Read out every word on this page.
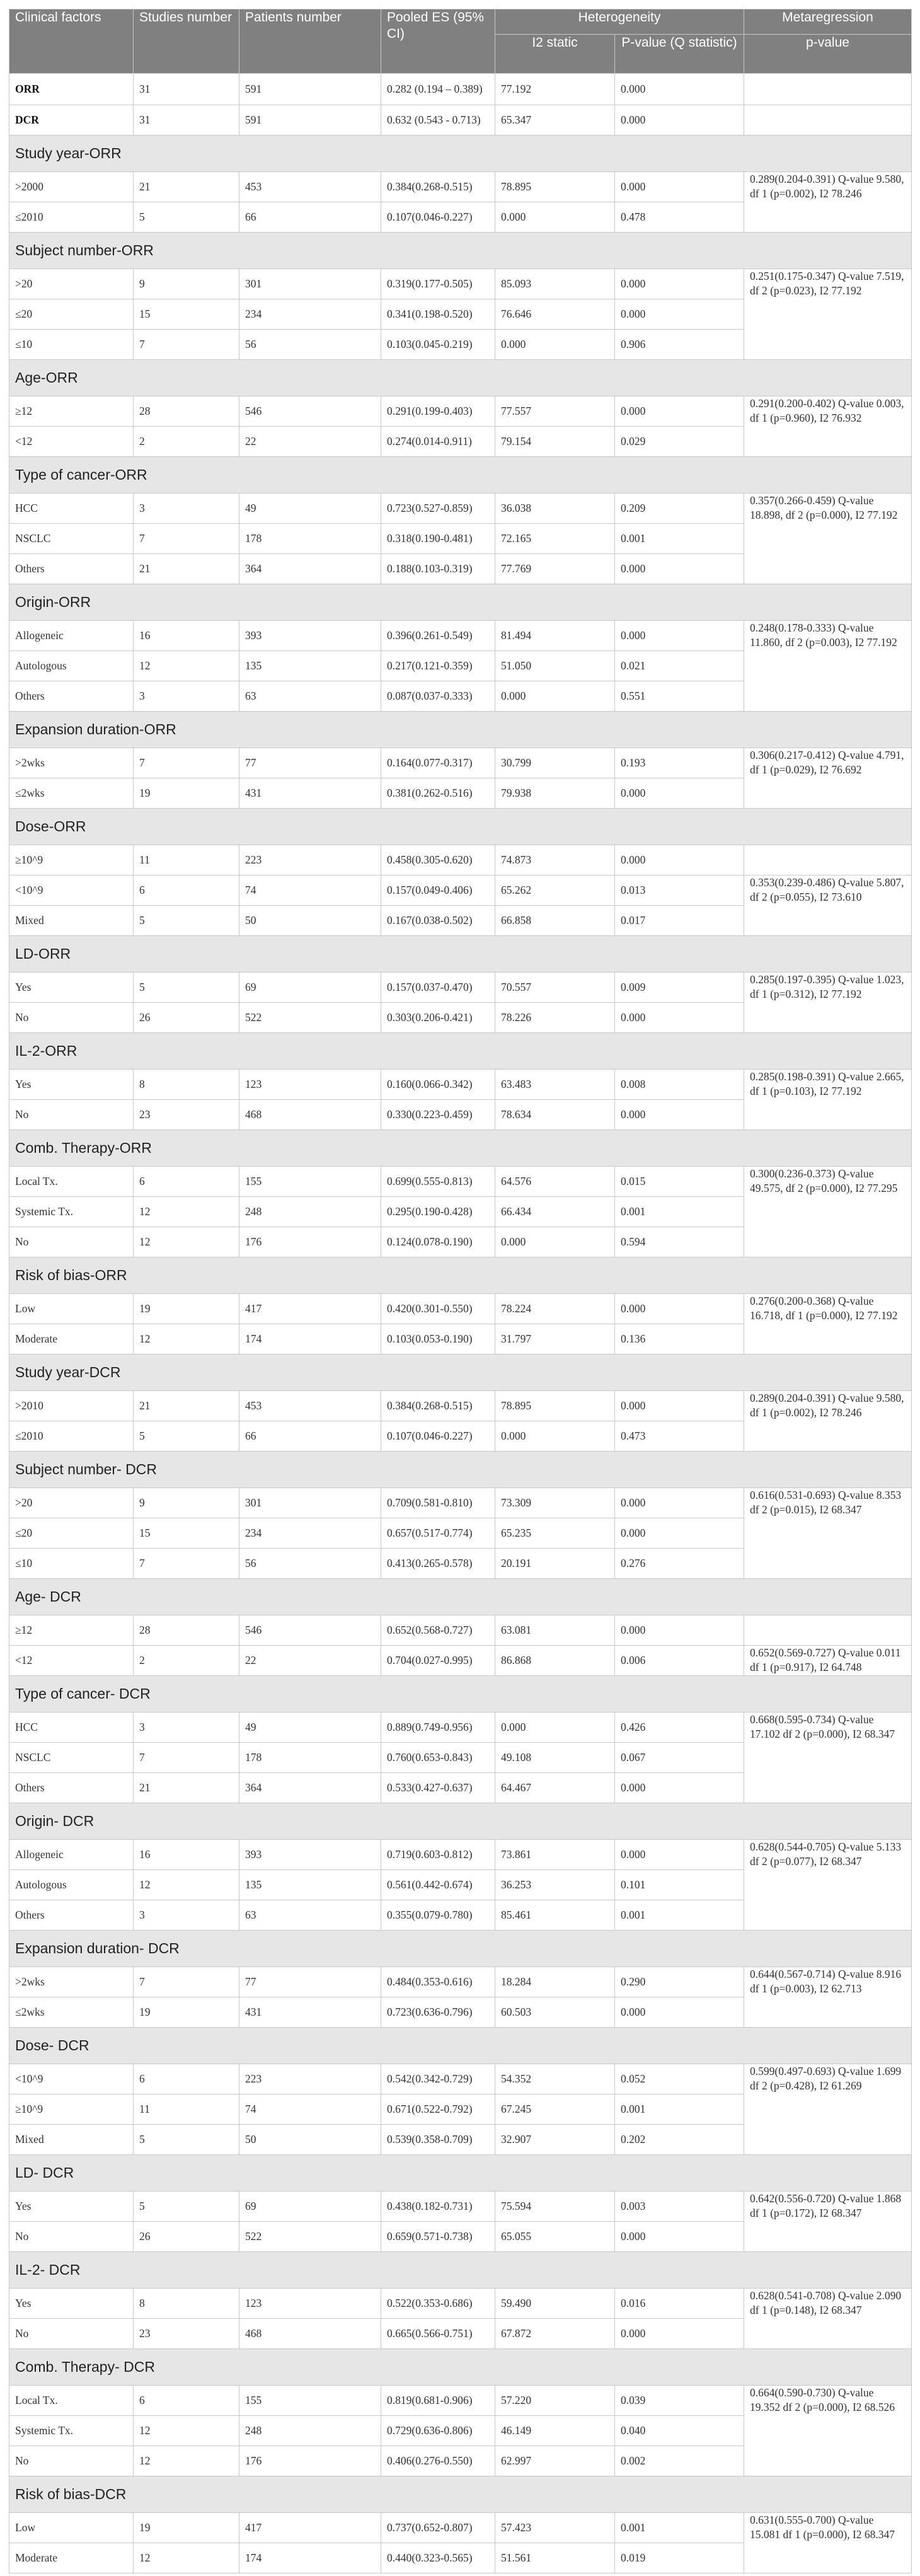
Clinical factors	Studies number	Patients number	Pooled ES (95% CI)	Heterogeneity		Metaregression
				I2 static	P-value (Q statistic)	p-value
ORR	31	591	0.282 (0.194 – 0.389)	77.192	0.000	
DCR	31	591	0.632 (0.543 - 0.713)	65.347	0.000	
Study year-ORR						
>2000	21	453	0.384(0.268-0.515)	78.895	0.000	0.289(0.204-0.391) Q-value 9.580, df 1 (p=0.002), I2 78.246
≤2010	5	66	0.107(0.046-0.227)	0.000	0.478	
Subject number-ORR						
>20	9	301	0.319(0.177-0.505)	85.093	0.000	0.251(0.175-0.347) Q-value 7.519, df 2 (p=0.023), I2 77.192
≤20	15	234	0.341(0.198-0.520)	76.646	0.000	
≤10	7	56	0.103(0.045-0.219)	0.000	0.906	
Age-ORR						
≥12	28	546	0.291(0.199-0.403)	77.557	0.000	0.291(0.200-0.402) Q-value 0.003, df 1 (p=0.960), I2 76.932
<12	2	22	0.274(0.014-0.911)	79.154	0.029	
Type of cancer-ORR						
HCC	3	49	0.723(0.527-0.859)	36.038	0.209	0.357(0.266-0.459) Q-value 18.898, df 2 (p=0.000), I2 77.192
NSCLC	7	178	0.318(0.190-0.481)	72.165	0.001	
Others	21	364	0.188(0.103-0.319)	77.769	0.000	
Origin-ORR						
Allogeneic	16	393	0.396(0.261-0.549)	81.494	0.000	0.248(0.178-0.333) Q-value 11.860, df 2 (p=0.003), I2 77.192
Autologous	12	135	0.217(0.121-0.359)	51.050	0.021	
Others	3	63	0.087(0.037-0.333)	0.000	0.551	
Expansion duration-ORR						
>2wks	7	77	0.164(0.077-0.317)	30.799	0.193	0.306(0.217-0.412) Q-value 4.791, df 1 (p=0.029), I2 76.692
≤2wks	19	431	0.381(0.262-0.516)	79.938	0.000	
Dose-ORR						
≥10^9	11	223	0.458(0.305-0.620)	74.873	0.000	
<10^9	6	74	0.157(0.049-0.406)	65.262	0.013	0.353(0.239-0.486) Q-value 5.807, df 2 (p=0.055), I2 73.610
Mixed	5	50	0.167(0.038-0.502)	66.858	0.017	
LD-ORR						
Yes	5	69	0.157(0.037-0.470)	70.557	0.009	0.285(0.197-0.395) Q-value 1.023, df 1 (p=0.312), I2 77.192
No	26	522	0.303(0.206-0.421)	78.226	0.000	
IL-2-ORR						
Yes	8	123	0.160(0.066-0.342)	63.483	0.008	0.285(0.198-0.391) Q-value 2.665, df 1 (p=0.103), I2 77.192
No	23	468	0.330(0.223-0.459)	78.634	0.000	
Comb. Therapy-ORR						
Local Tx.	6	155	0.699(0.555-0.813)	64.576	0.015	0.300(0.236-0.373) Q-value 49.575, df 2 (p=0.000), I2 77.295
Systemic Tx.	12	248	0.295(0.190-0.428)	66.434	0.001	
No	12	176	0.124(0.078-0.190)	0.000	0.594	
Risk of bias-ORR						
Low	19	417	0.420(0.301-0.550)	78.224	0.000	0.276(0.200-0.368) Q-value 16.718, df 1 (p=0.000), I2 77.192
Moderate	12	174	0.103(0.053-0.190)	31.797	0.136	
Study year-DCR						
>2010	21	453	0.384(0.268-0.515)	78.895	0.000	0.289(0.204-0.391) Q-value 9.580, df 1 (p=0.002), I2 78.246
≤2010	5	66	0.107(0.046-0.227)	0.000	0.473	
Subject number- DCR						
>20	9	301	0.709(0.581-0.810)	73.309	0.000	0.616(0.531-0.693) Q-value 8.353 df 2 (p=0.015), I2 68.347
≤20	15	234	0.657(0.517-0.774)	65.235	0.000	
≤10	7	56	0.413(0.265-0.578)	20.191	0.276	
Age- DCR						
≥12	28	546	0.652(0.568-0.727)	63.081	0.000	
<12	2	22	0.704(0.027-0.995)	86.868	0.006	0.652(0.569-0.727) Q-value 0.011 df 1 (p=0.917), I2 64.748
Type of cancer- DCR						
HCC	3	49	0.889(0.749-0.956)	0.000	0.426	0.668(0.595-0.734) Q-value 17.102 df 2 (p=0.000), I2 68.347
NSCLC	7	178	0.760(0.653-0.843)	49.108	0.067	
Others	21	364	0.533(0.427-0.637)	64.467	0.000	
Origin- DCR						
Allogeneic	16	393	0.719(0.603-0.812)	73.861	0.000	0.628(0.544-0.705) Q-value 5.133 df 2 (p=0.077), I2 68.347
Autologous	12	135	0.561(0.442-0.674)	36.253	0.101	
Others	3	63	0.355(0.079-0.780)	85.461	0.001	
Expansion duration- DCR						
>2wks	7	77	0.484(0.353-0.616)	18.284	0.290	0.644(0.567-0.714) Q-value 8.916 df 1 (p=0.003), I2 62.713
≤2wks	19	431	0.723(0.636-0.796)	60.503	0.000	
Dose- DCR						
<10^9	6	223	0.542(0.342-0.729)	54.352	0.052	0.599(0.497-0.693) Q-value 1.699 df 2 (p=0.428), I2 61.269
≥10^9	11	74	0.671(0.522-0.792)	67.245	0.001	
Mixed	5	50	0.539(0.358-0.709)	32.907	0.202	
LD- DCR						
Yes	5	69	0.438(0.182-0.731)	75.594	0.003	0.642(0.556-0.720) Q-value 1.868 df 1 (p=0.172), I2 68.347
No	26	522	0.659(0.571-0.738)	65.055	0.000	
IL-2- DCR						
Yes	8	123	0.522(0.353-0.686)	59.490	0.016	0.628(0.541-0.708) Q-value 2.090 df 1 (p=0.148), I2 68.347
No	23	468	0.665(0.566-0.751)	67.872	0.000	
Comb. Therapy- DCR						
Local Tx.	6	155	0.819(0.681-0.906)	57.220	0.039	0.664(0.590-0.730) Q-value 19.352 df 2 (p=0.000), I2 68.526
Systemic Tx.	12	248	0.729(0.636-0.806)	46.149	0.040	
No	12	176	0.406(0.276-0.550)	62.997	0.002	
Risk of bias-DCR						
Low	19	417	0.737(0.652-0.807)	57.423	0.001	0.631(0.555-0.700) Q-value 15.081 df 1 (p=0.000), I2 68.347
Moderate	12	174	0.440(0.323-0.565)	51.561	0.019	
